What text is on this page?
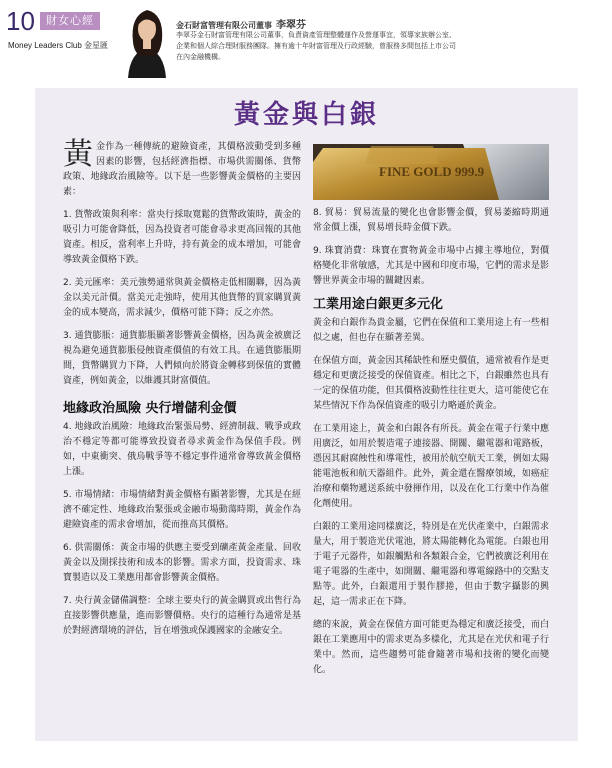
10	財女心經
Money Leaders Club 金星匯
金石財富管理有限公司董事 李翠芬

李翠芬金石財富管理有限公司董事，負責資產管理整體運作及營運事宜，領導家族辦公室、企業和個人綜合理財服務團隊。擁有逾十年財富管理及行政經驗，曾服務多間包括上市公司在內金融機構。

黃金與白銀

黃金作為一種傳統的避險資產，其價格波動受到多種因素的影響，包括經濟指標、市場供需關係、貨幣政策、地緣政治風險等。以下是一些影響黃金價格的主要因素：

1. 貨幣政策與利率：當央行採取寬鬆的貨幣政策時，黃金的吸引力可能會降低，因為投資者可能會尋求更高回報的其他資產。相反，當利率上升時，持有黃金的成本增加，可能會導致黃金價格下跌。

2. 美元匯率：美元強勢通常與黃金價格走低相關聯，因為黃金以美元計價。當美元走強時，使用其他貨幣的買家購買黃金的成本變高，需求減少，價格可能下降；反之亦然。

3. 通貨膨脹：通貨膨脹顯著影響黃金價格，因為黃金被廣泛視為避免通貨膨脹侵蝕資產價值的有效工具。在通貨膨脹期間，貨幣購買力下降，人們傾向於將資金轉移到保值的實體資產，例如黃金，以維護其財富價值。

地緣政治風險 央行增儲利金價

4. 地緣政治風險：地緣政治緊張局勢、經濟制裁、戰爭或政治不穩定等都可能導致投資者尋求黃金作為保值手段。例如，中東衝突、俄烏戰爭等不穩定事件通常會導致黃金價格上漲。

5. 市場情緒：市場情緒對黃金價格有顯著影響，尤其是在經濟不確定性、地緣政治緊張或金融市場動蕩時期，黃金作為避險資產的需求會增加，從而推高其價格。

6. 供需關係：黃金市場的供應主要受到礦產黃金產量、回收黃金以及開採技術和成本的影響。需求方面，投資需求、珠寶製造以及工業應用都會影響黃金價格。

7. 央行黃金儲備調整：全球主要央行的黃金購買或出售行為直接影響供應量，進而影響價格。央行的這種行為通常是基於對經濟環境的評估，旨在增強或保護國家的金融安全。

FINE GOLD 999.9

8. 貿易：貿易流量的變化也會影響金價，貿易萎縮時期通常金價上漲，貿易增長時金價下跌。

9. 珠寶消費：珠寶在實物黃金市場中占據主導地位，對價格變化非常敏感，尤其是中國和印度市場，它們的需求是影響世界黃金市場的關鍵因素。

工業用途白銀更多元化

黃金和白銀作為貴金屬，它們在保值和工業用途上有一些相似之處，但也存在顯著差異。

在保值方面，黃金因其稀缺性和歷史價值，通常被看作是更穩定和更廣泛接受的保值資產。相比之下，白銀雖然也具有一定的保值功能，但其價格波動性往往更大，這可能使它在某些情況下作為保值資產的吸引力略遜於黃金。

在工業用途上，黃金和白銀各有所長。黃金在電子行業中應用廣泛，如用於製造電子連接器、開關、繼電器和電路板，憑因其耐腐蝕性和導電性，被用於航空航天工業，例如太陽能電池板和航天器組件。此外，黃金還在醫療領域，如癌症治療和藥物遞送系統中發揮作用，以及在化工行業中作為催化劑使用。

白銀的工業用途同樣廣泛，特別是在光伏產業中，白銀需求量大，用于製造光伏電池，將太陽能轉化為電能。白銀也用于電子元器件，如銀觸點和各類銀合金，它們被廣泛利用在電子電器的生產中，如開關、繼電器和導電線路中的交點支點等。此外，白銀還用于製作膠捲，但由于數字攝影的興起，這一需求正在下降。

總的來說，黃金在保值方面可能更為穩定和廣泛接受，而白銀在工業應用中的需求更為多樣化，尤其是在光伏和電子行業中。然而，這些趨勢可能會隨著市場和技術的變化而變化。
